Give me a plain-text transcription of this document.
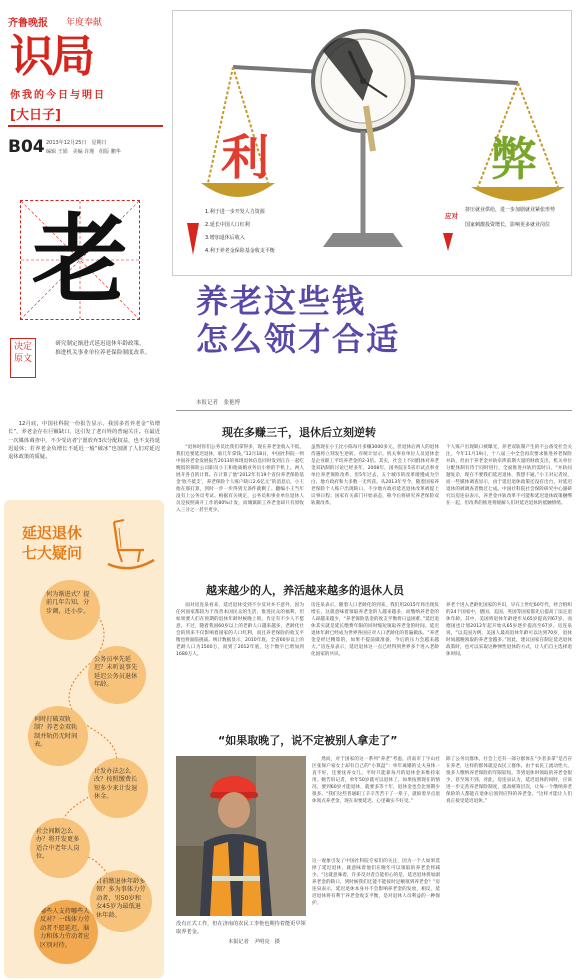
齐鲁晚报 年度奉献
识局
你我的今日与明日
[大日子]
B04 2013年12月25日　星期日
编辑 王娟　美编 许瑾　组版 鹏华
老
决定原文
研究制定渐进式延迟退休年龄政策。
推进机关事业单位养老保险制度改革。
12月底，中国社科院一份报告显示，我国多省养老金“负增长”，养老金存在巨额缺口，这引发了老百姓的普遍关注。在最近一次媒体调查中，不少受访者宁愿放弃3次分配权益，也不支持延迟退休；若养老金负增长不延迟一般“破冰”也加剧了人们对延迟退休政策的质疑。
延迟退休
七大疑问
何为渐进式？提前几年告知，分步调，还小步。
公务员率先延迟？未听说事先延迟公务员退休年龄。
何时打破双轨制？养老金双轨制并轨仍无时间表。
计发办法怎么改？按照缴费长短多少来计发退休金。
社会间断怎么办？将开发更多适合中老年人岗位。
目前缴退休年龄多领？多为事体力劳动者，男50岁和女45岁为最低退休年龄。
哪些人支持哪些人反对？一线体力劳动者不愿延迟，脑力和体力劳动者应区别对待。
利	弊
1.利于进一步开发人力资源
2.延长中国人口红利
3.增加退休后收入
4.利于养老金保险基金收支平衡
应对
挤压就业供给，进一步加剧就业紧张形势
国家刺激投资增长，影响更多就业岗位
养老这些钱
怎么领才合适
本报记者　张艳博
现在多赚三千，退休后立刻逆转
“退休时你们公务员比我们拿得多，现在养老金收入不低，我们还要延迟退休，谁几年拿钱。”12月18日，中国社科院一则中国养老金发展报告2013的体现退休信息同时发到正在一起吃晚饭的保险公司职员小王和他离婚业务员小侯的手机上。两人展开各自的计算。在计算了他“2012年有19个省份养老保险基金‘收不抵支’，养老保险个人账户缺口2.6亿元”的消息后，小王他在那打算，到时一步一步得到无条件就剩了。翻编小王当年没有上公务员考试。根据有关规定，公务员和事业单位退休人员是按照离开工作的80%计发，而城镇职工养老金却只有原收入三分之一甚至更少。
虽然现在小王比小陈每月多赚3000多元，但退休后两人的退休待遇将立刻发生逆转。有统计显示，机关事业单位人员退休金是企业职工平均养老金的2-3倍。其实，社会上不同群体对养老金双轨制的讨论已经多年，2008年，国务院在5省市试点事业单位养老保险改革，但5年过去，五个城市的改革缓慢成为空白、地方政府和大多数一无所获。从2013年至今，随着国家养老保险个人账户出现缺口，不少地方政府延迟退休改革被提上议事日程；国家有关部门开始表态，称今后将研究养老保险双轨制改革。
个人账户出现缺口被曝光，养老双轨制产生的不公备受社会关注。今年11月19日，十八届三中全会再次要求推进养老保险并轨，但由于养老金并轨牵涉前期大量的财政支出，机关单位分配体制有待于同时进行，全面推进并轨仍需时日。“并轨问题复杂，现在不要我们延迟退休，我想不通。”小王对记者说，而一些媒体调查显示，由于延迟退休政策还没有出台，对延迟退休的被调查者数过七成。中国社科院社会保险研究中心副研究员房连泉表示，养老金并轨改革不可能和延迟退休政策捆绑在一起，但改革的推进将缓解人们对延迟退休的抵触情绪。
越来越少的人，养活越来越多的退休人员
面对房连泉看来，延迟退休受到不少反对并不意外，因为任何国家都较为于改善本国民众的生活，推进民众的福利，但如果要人们在预期的退休年龄时候晚上班，肯定有不少人不愿意。不过，随着我国60岁以上的老龄人口越来越多，老龄化社会的到来不仅影响着国家的人口红利，而且养老保险的收支平衡也将面临挑战。统计数据显示，2010年底，全省60岁以上的老龄人口为1500万，而到了2012年底，这个数字已增加到1680万人。
房连泉表示，随着人口老龄化的到来，我们用2015年将出现负增长，这就意味着领取养老金的人越来越多，而缴纳养老金的人却越来越少，“养老保险基金的收支平衡将日益困难。”延迟退休其实就是延长缴费年限的同时缩短领取养老金的时间。延迟退休年龄已经成为世界各国应对人口老龄化的普遍做法。“养老金是经过精算的，如果不提前做准备，今后的压力会越来越大。”房连泉表示，延迟退休这一点已经得到世界多个进入老龄化国家的共识。
养老个进入老龄化国家的共识，早在上世纪60年代，经合组织的24个国家中，德国、美国、英国等国家都先后提高了法定退休年龄。其中，美国将退休年龄逐步从65岁提高到67岁。而德国也计划2012年起开始从65岁逐步提高至67岁。房连泉说，“以美国为例，美国人最高退休年龄可以达到70岁，退休时间越晚领取的养老金越多。”因此，建议国家在制定延迟退休政策时，也可以采取这种弹性退休的方式，让人们自主选择退休时间。
“如果取晚了，说不定被别人拿走了”
没有正式工作，但在济南的农民工李艳也期待着能更早领取养老金。
本报记者　尹明亮　摄
然而，对于国家的这一系列“养老”考虑，济南市丁字山社区张保户家女士却有自己的“小算盘”：单年离婚的丈夫身体一直不好，还要抚养女儿，平时只能靠每月的退休金来维持家用。她告诉记者，单年50岁就可以退休了，如果按照现在的情况，要到60岁才能退休，就要多等十年，退休金也会比预期少很多。“我们这些普通职工辛辛苦苦干了一辈子，就盼着早点退休领点养老金，现在说要延迟，心里确实不好受。”
这一观象引发了中国社科院专家们的关注，因为一个人如果选择了延迟退休，就意味着他们在晚年可以领取的养老金将减少。“这就意味着，许多反对者自能担心的是，延迟退休将加剧养老金的缺口，到时候我们还能不能按时足额领到养老金？”房连泉表示，延迟退休本身并不会影响养老金的发放，相反，延迟退休将有利于养老金收支平衡，是对退休人员利益的一种保护。
除了公务员群体，社会上还有一部分群体在“少者多拿”是否存在养老，这样的群体就是农民工群体。由于农民工流动性大，很多人缴纳养老保险的年限较短，等到退休时领取的养老金很少，甚至领不到。对此，房连泉认为，延迟退休的同时，应该进一步完善养老保险制度，提高统筹层次，让每一个缴纳养老保险的人都能在退休后领到应得的养老金。“这样才能让人们真正接受延迟退休。”
